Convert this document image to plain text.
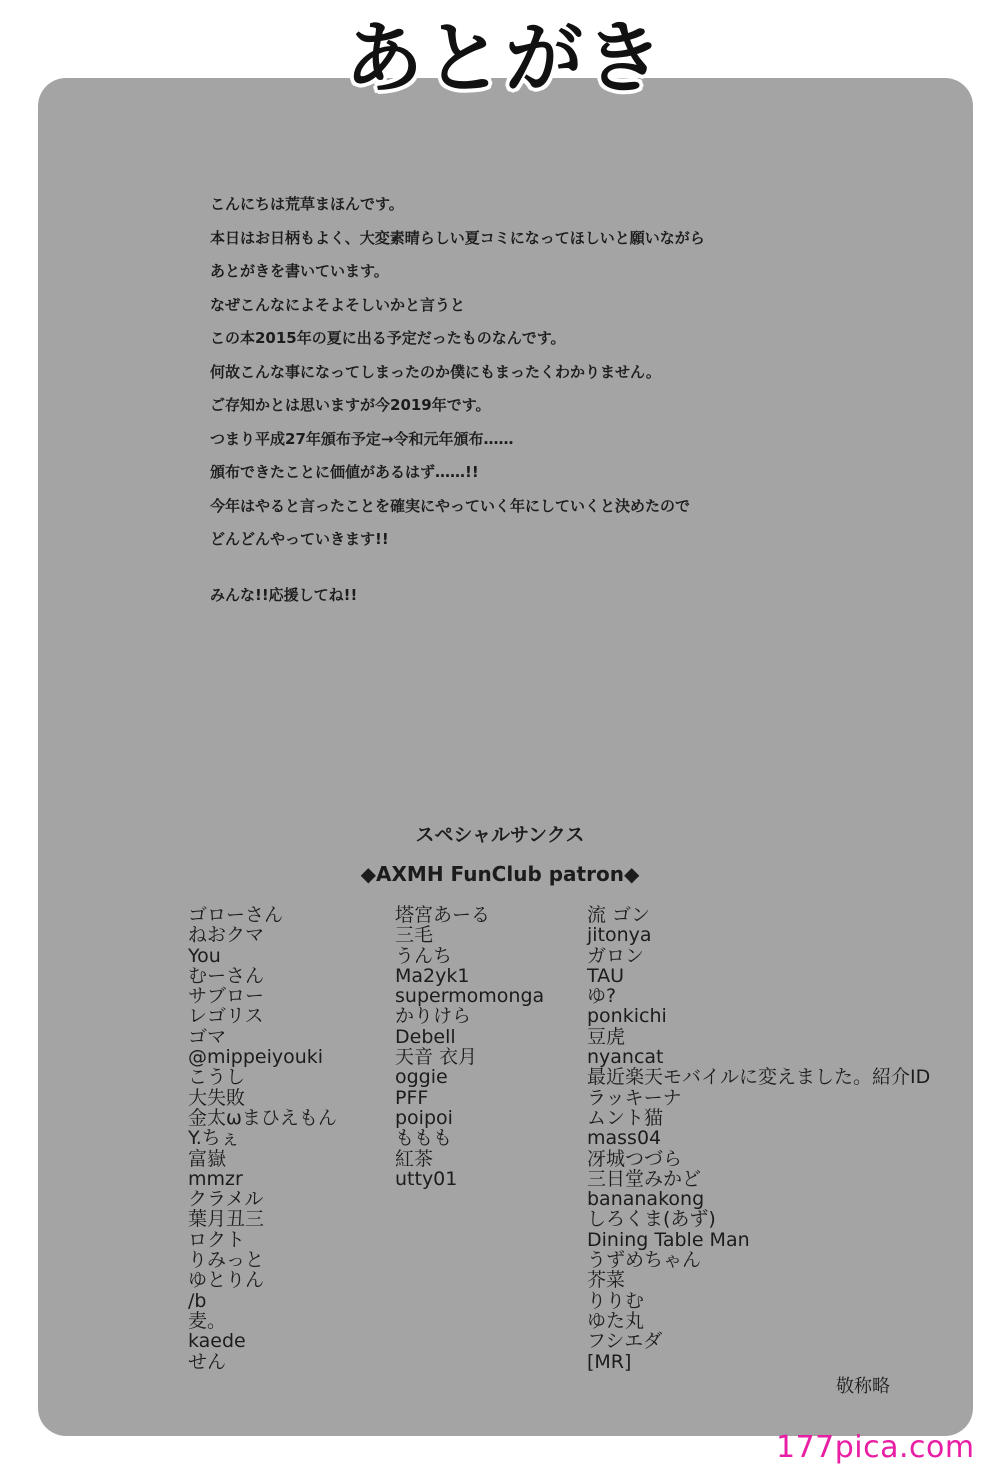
あとがき
こんにちは荒草まほんです。
本日はお日柄もよく、大変素晴らしい夏コミになってほしいと願いながら
あとがきを書いています。
なぜこんなによそよそしいかと言うと
この本2015年の夏に出る予定だったものなんです。
何故こんな事になってしまったのか僕にもまったくわかりません。
ご存知かとは思いますが今2019年です。
つまり平成27年頒布予定→令和元年頒布……
頒布できたことに価値があるはず……!!
今年はやると言ったことを確実にやっていく年にしていくと決めたので
どんどんやっていきます!!
みんな!!応援してね!!
スペシャルサンクス
◆AXMH FunClub patron◆
ゴローさん
ねおクマ
You
むーさん
サブロー
レゴリス
ゴマ
@mippeiyouki
こうし
大失敗
金太ωまひえもん
Y.ちぇ
富嶽
mmzr
クラメル
葉月丑三
ロクト
りみっと
ゆとりん
/b
麦。
kaede
せん
塔宮あーる
三毛
うんち
Ma2yk1
supermomonga
かりけら
Debell
天音 衣月
oggie
PFF
poipoi
ももも
紅茶
utty01
流 ゴン
jitonya
ガロン
TAU
ゆ?
ponkichi
豆虎
nyancat
最近楽天モバイルに変えました。紹介ID
ラッキーナ
ムント猫
mass04
冴城つづら
三日堂みかど
bananakong
しろくま(あず)
Dining Table Man
うずめちゃん
芥菜
りりむ
ゆた丸
フシエダ
[MR]
敬称略
177pica.com
